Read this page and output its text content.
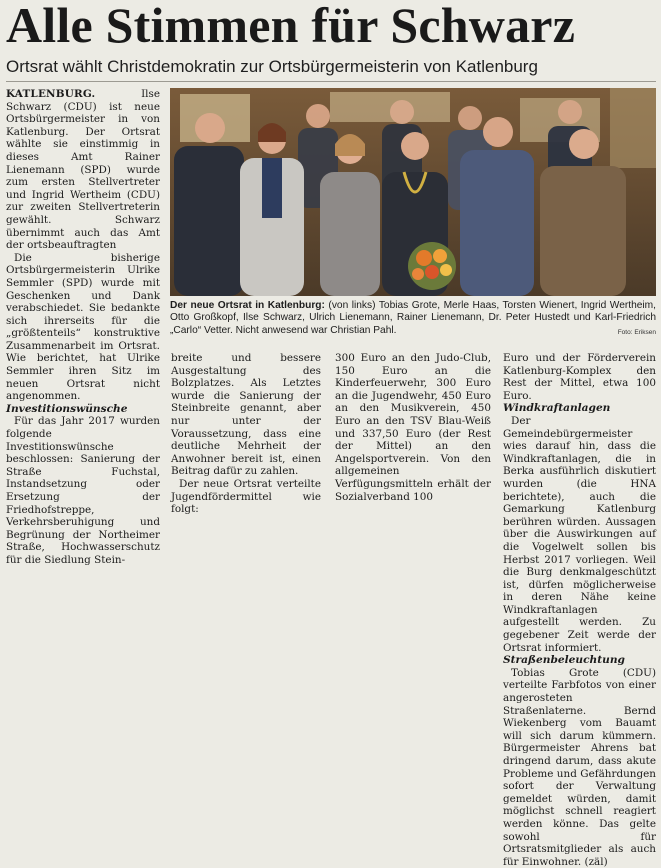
Alle Stimmen für Schwarz
Ortsrat wählt Christdemokratin zur Ortsbürgermeisterin von Katlenburg

KATLENBURG.	Ilse Schwarz (CDU) ist neue Ortsbürgermeister in von Katlenburg. Der Ortsrat wählte sie einstimmig in dieses Amt Rainer Lienemann (SPD) wurde zum ersten Stellvertreter und Ingrid Wertheim (CDU) zur zweiten Stellvertreterin gewählt. Schwarz übernimmt auch das Amt der ortsbeauftragten

Die bisherige Ortsbürgermeisterin Ulrike Semmler (SPD) wurde mit Geschenken und Dank verabschiedet. Sie bedankte sich ihrerseits für die „größtenteils“ konstruktive Zusammenarbeit im Ortsrat. Wie berichtet, hat Ulrike Semmler ihren Sitz im neuen Ortsrat nicht angenommen.

Investitionswünsche

Für das Jahr 2017 wurden folgende Investitionswünsche beschlossen: Sanierung der Straße Fuchstal, Instandsetzung oder Ersetzung der Friedhofstreppe, Verkehrsberuhigung und Begrünung der Northeimer Straße, Hochwasserschutz für die Siedlung Stein-

Der neue Ortsrat in Katlenburg: (von links) Tobias Grote, Merle Haas, Torsten Wienert, Ingrid Wertheim, Otto Großkopf, Ilse Schwarz, Ulrich Lienemann, Rainer Lienemann, Dr. Peter Hustedt und Karl-Friedrich „Carlo“ Vetter. Nicht anwesend war Christian Pahl.	Foto: Eriksen

breite und bessere Ausgestaltung des Bolzplatzes. Als Letztes wurde die Sanierung der Steinbreite genannt, aber nur unter der Voraussetzung, dass eine deutliche Mehrheit der Anwohner bereit ist, einen Beitrag dafür zu zahlen.

Der neue Ortsrat verteilte Jugendfördermittel wie folgt:

300 Euro an den Judo-Club, 150 Euro an die Kinderfeuerwehr, 300 Euro an die Jugendwehr, 450 Euro an den Musikverein, 450 Euro an den TSV Blau-Weiß und 337,50 Euro (der Rest der Mittel) an den Angelsportverein. Von den allgemeinen Verfügungsmitteln erhält der Sozialverband 100

Euro und der Förderverein Katlenburg-Komplex den Rest der Mittel, etwa 100 Euro.

Windkraftanlagen

Der Gemeindebürgermeister wies darauf hin, dass die Windkraftanlagen, die in Berka ausführlich diskutiert wurden (die HNA berichtete), auch die Gemarkung Katlenburg berühren würden. Aussagen über die Auswirkungen auf die Vogelwelt sollen bis Herbst 2017 vorliegen. Weil die Burg denkmalgeschützt ist, dürfen möglicherweise in deren Nähe keine Windkraftanlagen aufgestellt werden. Zu gegebener Zeit werde der Ortsrat informiert.

Straßenbeleuchtung

Tobias Grote (CDU) verteilte Farbfotos von einer angerosteten Straßenlaterne. Bernd Wiekenberg vom Bauamt will sich darum kümmern. Bürgermeister Ahrens bat dringend darum, dass akute Probleme und Gefährdungen sofort der Verwaltung gemeldet würden, damit möglichst schnell reagiert werden könne. Das gelte sowohl für Ortsratsmitglieder als auch für Einwohner. (zäl)
